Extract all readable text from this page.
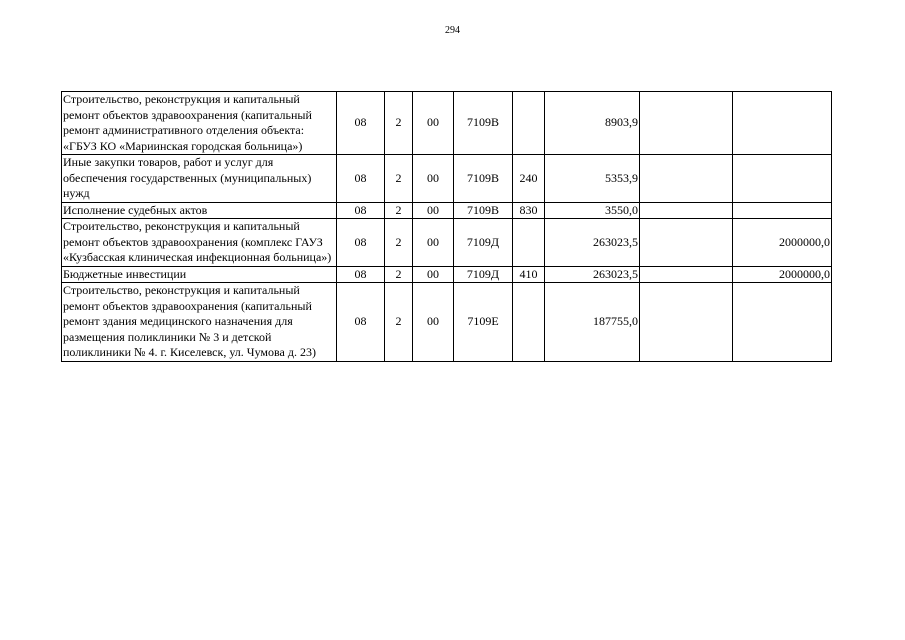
294
Строительство, реконструкция и капитальный ремонт объектов здравоохранения (капитальный ремонт административного отделения объекта: «ГБУЗ КО «Мариинская городская больница»)	08	2	00	7109В		8903,9		
Иные закупки товаров, работ и услуг для обеспечения государственных (муниципальных) нужд	08	2	00	7109В	240	5353,9		
Исполнение судебных актов	08	2	00	7109В	830	3550,0		
Строительство, реконструкция и капитальный ремонт объектов здравоохранения (комплекс ГАУЗ «Кузбасская клиническая инфекционная больница»)	08	2	00	7109Д		263023,5		2000000,0
Бюджетные инвестиции	08	2	00	7109Д	410	263023,5		2000000,0
Строительство, реконструкция и капитальный ремонт объектов здравоохранения (капитальный ремонт здания медицинского назначения для размещения поликлиники № 3 и детской поликлиники № 4. г. Киселевск, ул. Чумова д. 23)	08	2	00	7109Е		187755,0		
